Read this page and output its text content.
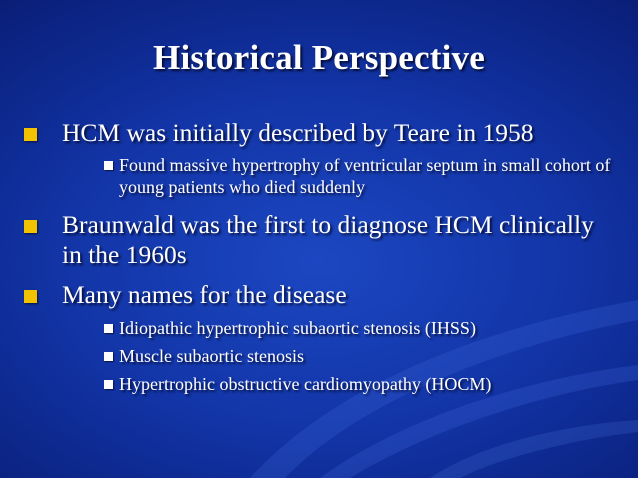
Historical Perspective
HCM was initially described by Teare in 1958
Found massive hypertrophy of ventricular septum in small cohort of young patients who died suddenly
Braunwald was the first to diagnose HCM clinically in the 1960s
Many names for the disease
Idiopathic hypertrophic subaortic stenosis (IHSS)
Muscle subaortic stenosis
Hypertrophic obstructive cardiomyopathy (HOCM)
